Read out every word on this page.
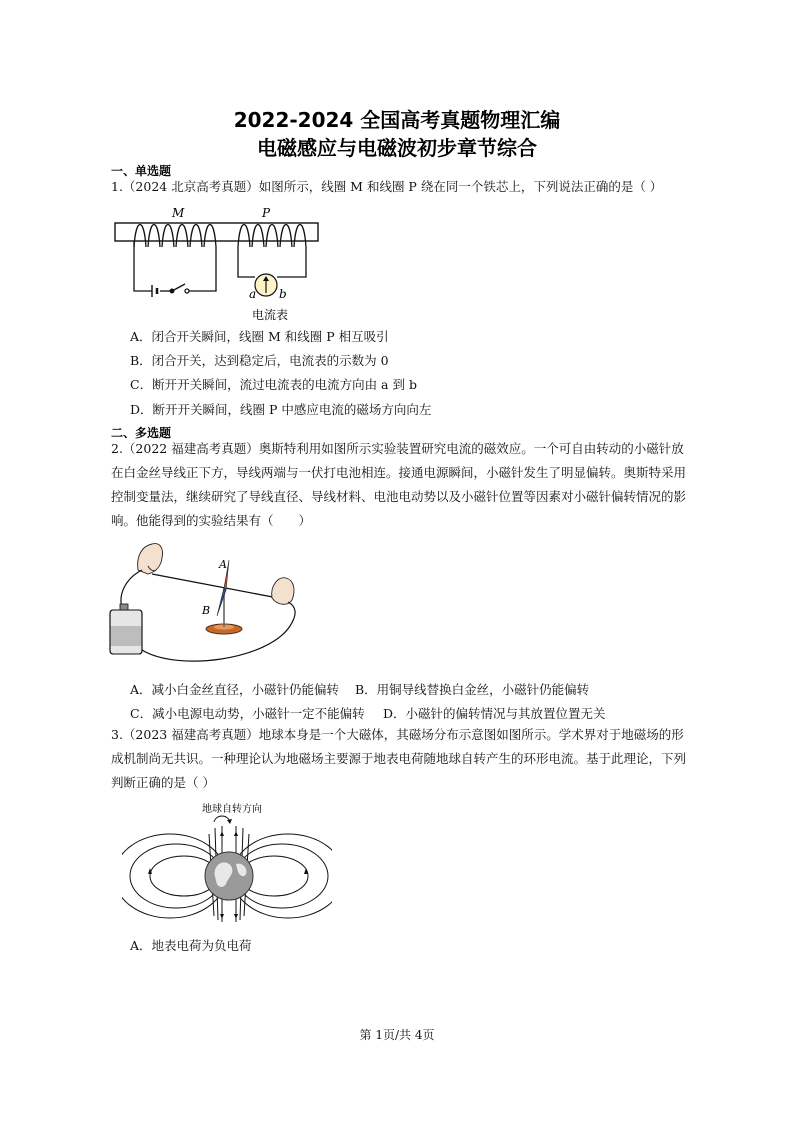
2022-2024 全国高考真题物理汇编
电磁感应与电磁波初步章节综合
一、单选题

1.（2024 北京高考真题）如图所示，线圈 M 和线圈 P 绕在同一个铁芯上，下列说法正确的是（ ）

M	P
a b
电流表
A．闭合开关瞬间，线圈 M 和线圈 P 相互吸引
B．闭合开关，达到稳定后，电流表的示数为 0
C．断开开关瞬间，流过电流表的电流方向由 a 到 b
D．断开开关瞬间，线圈 P 中感应电流的磁场方向向左
二、多选题

2.（2022 福建高考真题）奥斯特利用如图所示实验装置研究电流的磁效应。一个可自由转动的小磁针放在白金丝导线正下方，导线两端与一伏打电池相连。接通电源瞬间，小磁针发生了明显偏转。奥斯特采用控制变量法，继续研究了导线直径、导线材料、电池电动势以及小磁针位置等因素对小磁针偏转情况的影响。他能得到的实验结果有（　　）

A
B
A．减小白金丝直径，小磁针仍能偏转 B．用铜导线替换白金丝，小磁针仍能偏转
C．减小电源电动势，小磁针一定不能偏转 D．小磁针的偏转情况与其放置位置无关

3.（2023 福建高考真题）地球本身是一个大磁体，其磁场分布示意图如图所示。学术界对于地磁场的形成机制尚无共识。一种理论认为地磁场主要源于地表电荷随地球自转产生的环形电流。基于此理论，下列判断正确的是（ ）

地球自转方向
A．地表电荷为负电荷
第 1页/共 4页
